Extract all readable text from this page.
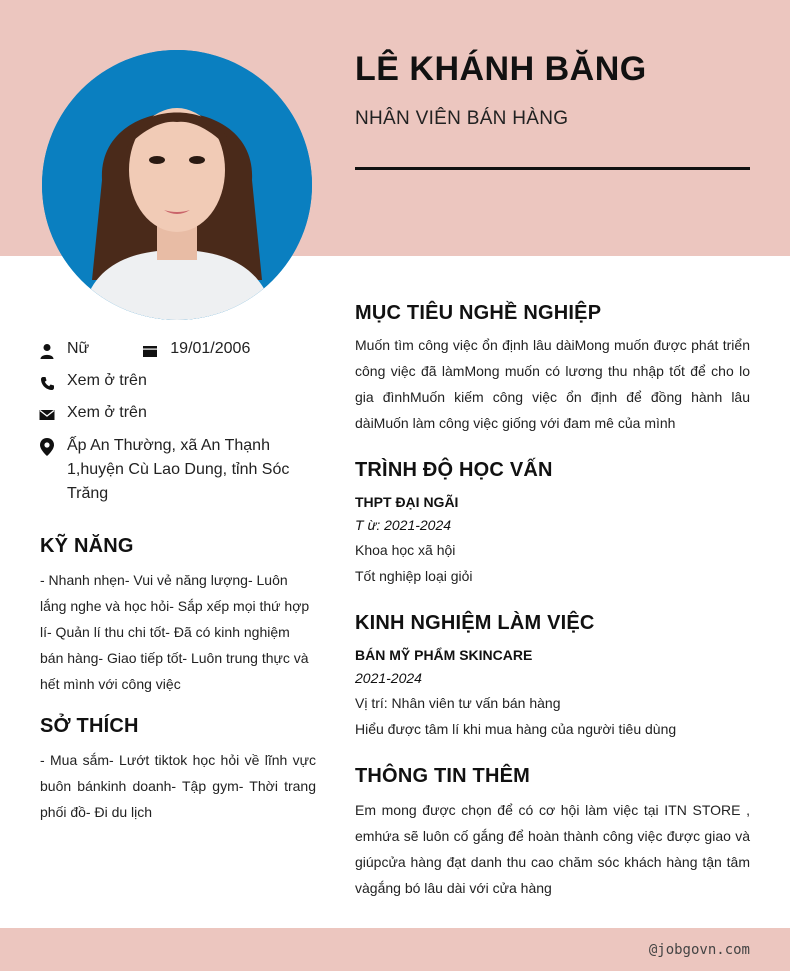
LÊ KHÁNH BĂNG
NHÂN VIÊN BÁN HÀNG
Nữ	19/01/2006
Xem ở trên
Xem ở trên
Ấp An Thường, xã An Thạnh 1,huyện Cù Lao Dung, tỉnh Sóc Trăng
KỸ NĂNG
- Nhanh nhẹn- Vui vẻ năng lượng- Luôn lắng nghe và học hỏi- Sắp xếp mọi thứ hợp lí- Quản lí thu chi tốt- Đã có kinh nghiệm bán hàng- Giao tiếp tốt- Luôn trung thực và hết mình với công việc
SỞ THÍCH
- Mua sắm- Lướt tiktok học hỏi về lĩnh vực buôn bánkinh doanh- Tập gym- Thời trang phối đồ- Đi du lịch
MỤC TIÊU NGHỀ NGHIỆP
Muốn tìm công việc ổn định lâu dàiMong muốn được phát triển công việc đã làmMong muốn có lương thu nhập tốt để cho lo gia đìnhMuốn kiếm công việc ổn định để đồng hành lâu dàiMuốn làm công việc giống với đam mê của mình
TRÌNH ĐỘ HỌC VẤN
THPT ĐẠI NGÃI
T ừ: 2021-2024
Khoa học xã hội
Tốt nghiệp loại giỏi
KINH NGHIỆM LÀM VIỆC
BÁN MỸ PHẨM SKINCARE
2021-2024
Vị trí: Nhân viên tư vấn bán hàng
Hiểu được tâm lí khi mua hàng của người tiêu dùng
THÔNG TIN THÊM
Em mong được chọn để có cơ hội làm việc tại ITN STORE , emhứa sẽ luôn cố gắng để hoàn thành công việc được giao và giúpcửa hàng đạt danh thu cao chăm sóc khách hàng tận tâm vàgắng bó lâu dài với cửa hàng
@jobgovn.com
